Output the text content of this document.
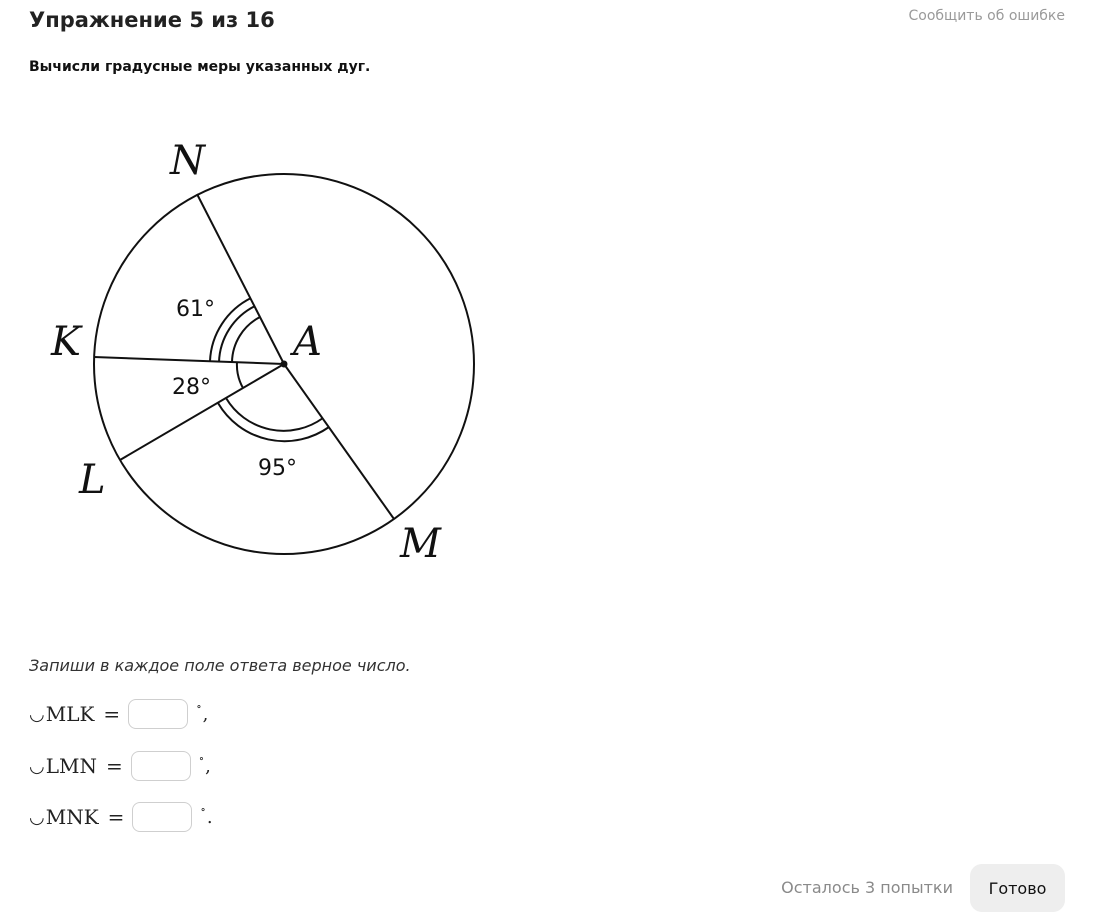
Упражнение 5 из 16	Сообщить об ошибке
Вычисли градусные меры указанных дуг.
N
K
L
M
A
61°
28°
95°
Запиши в каждое поле ответа верное число.
◡ MLK =	∘ ,
◡ LMN =	∘ ,
◡ MNK =	∘ .
Осталось 3 попытки	Готово
